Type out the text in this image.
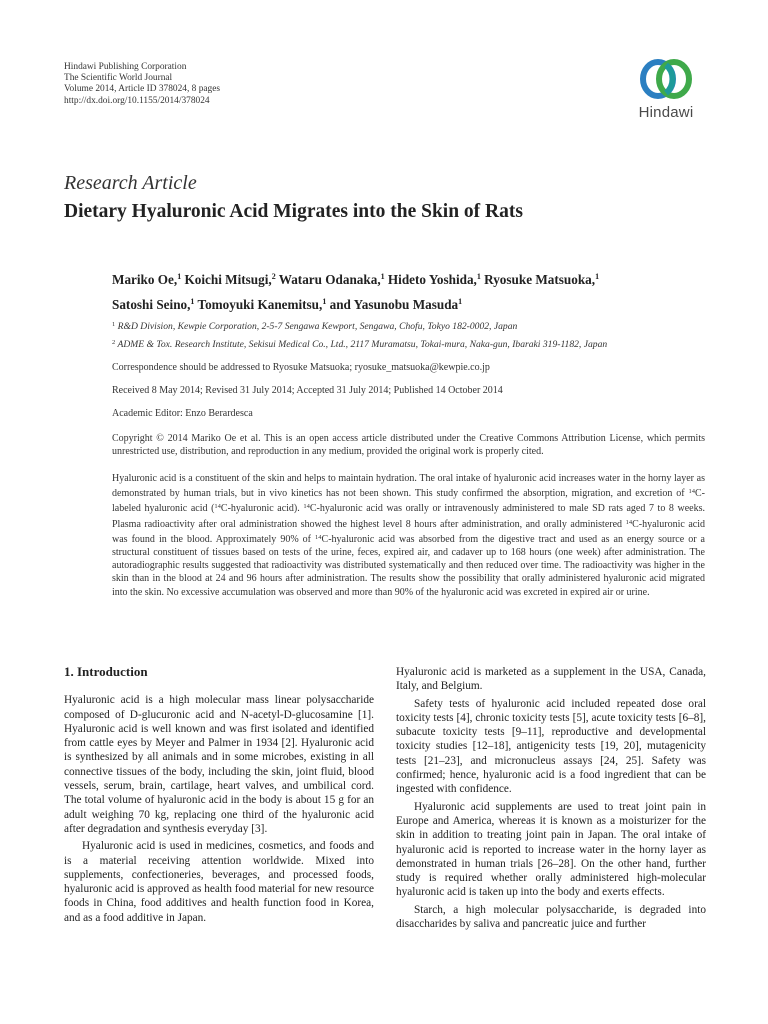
Hindawi Publishing Corporation
The Scientific World Journal
Volume 2014, Article ID 378024, 8 pages
http://dx.doi.org/10.1155/2014/378024
Hindawi
Research Article
Dietary Hyaluronic Acid Migrates into the Skin of Rats
Mariko Oe,$^1$ Koichi Mitsugi,$^2$ Wataru Odanaka,$^1$ Hideto Yoshida,$^1$ Ryosuke Matsuoka,$^1$
Satoshi Seino,$^1$ Tomoyuki Kanemitsu,$^1$ and Yasunobu Masuda$^1$
$^1$ R&D Division, Kewpie Corporation, 2-5-7 Sengawa Kewport, Sengawa, Chofu, Tokyo 182-0002, Japan
$^2$ ADME & Tox. Research Institute, Sekisui Medical Co., Ltd., 2117 Muramatsu, Tokai-mura, Naka-gun, Ibaraki 319-1182, Japan
Correspondence should be addressed to Ryosuke Matsuoka; ryosuke_matsuoka@kewpie.co.jp
Received 8 May 2014; Revised 31 July 2014; Accepted 31 July 2014; Published 14 October 2014
Academic Editor: Enzo Berardesca
Copyright © 2014 Mariko Oe et al. This is an open access article distributed under the Creative Commons Attribution License, which permits unrestricted use, distribution, and reproduction in any medium, provided the original work is properly cited.
Hyaluronic acid is a constituent of the skin and helps to maintain hydration. The oral intake of hyaluronic acid increases water in the horny layer as demonstrated by human trials, but in vivo kinetics has not been shown. This study confirmed the absorption, migration, and excretion of $^{14}$C-labeled hyaluronic acid ($^{14}$C-hyaluronic acid). $^{14}$C-hyaluronic acid was orally or intravenously administered to male SD rats aged 7 to 8 weeks. Plasma radioactivity after oral administration showed the highest level 8 hours after administration, and orally administered $^{14}$C-hyaluronic acid was found in the blood. Approximately 90% of $^{14}$C-hyaluronic acid was absorbed from the digestive tract and used as an energy source or a structural constituent of tissues based on tests of the urine, feces, expired air, and cadaver up to 168 hours (one week) after administration. The autoradiographic results suggested that radioactivity was distributed systematically and then reduced over time. The radioactivity was higher in the skin than in the blood at 24 and 96 hours after administration. The results show the possibility that orally administered hyaluronic acid migrated into the skin. No excessive accumulation was observed and more than 90% of the hyaluronic acid was excreted in expired air or urine.
1. Introduction

Hyaluronic acid is a high molecular mass linear polysaccharide composed of D-glucuronic acid and N-acetyl-D-glucosamine [1]. Hyaluronic acid is well known and was first isolated and identified from cattle eyes by Meyer and Palmer in 1934 [2]. Hyaluronic acid is synthesized by all animals and in some microbes, existing in all connective tissues of the body, including the skin, joint fluid, blood vessels, serum, brain, cartilage, heart valves, and umbilical cord. The total volume of hyaluronic acid in the body is about 15 g for an adult weighing 70 kg, replacing one third of the hyaluronic acid after degradation and synthesis everyday [3].

Hyaluronic acid is used in medicines, cosmetics, and foods and is a material receiving attention worldwide. Mixed into supplements, confectioneries, beverages, and processed foods, hyaluronic acid is approved as health food material for new resource foods in China, food additives and health function food in Korea, and as a food additive in Japan.

Hyaluronic acid is marketed as a supplement in the USA, Canada, Italy, and Belgium.

Safety tests of hyaluronic acid included repeated dose oral toxicity tests [4], chronic toxicity tests [5], acute toxicity tests [6–8], subacute toxicity tests [9–11], reproductive and developmental toxicity studies [12–18], antigenicity tests [19, 20], mutagenicity tests [21–23], and micronucleus assays [24, 25]. Safety was confirmed; hence, hyaluronic acid is a food ingredient that can be ingested with confidence.

Hyaluronic acid supplements are used to treat joint pain in Europe and America, whereas it is known as a moisturizer for the skin in addition to treating joint pain in Japan. The oral intake of hyaluronic acid is reported to increase water in the horny layer as demonstrated in human trials [26–28]. On the other hand, further study is required whether orally administered high-molecular hyaluronic acid is taken up into the body and exerts effects.

Starch, a high molecular polysaccharide, is degraded into disaccharides by saliva and pancreatic juice and further
